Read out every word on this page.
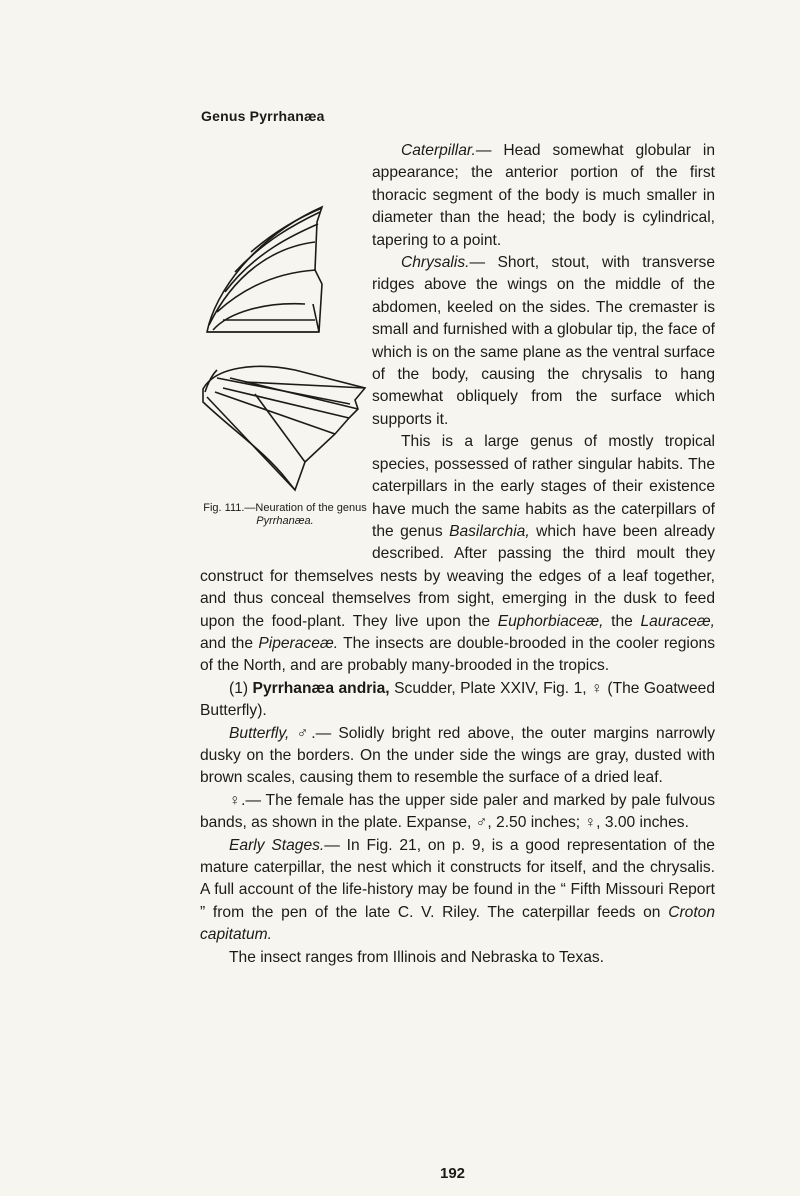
Genus Pyrrhanæa
Fig. 111.—Neuration of the genus Pyrrhanæa.

Caterpillar.— Head somewhat globular in appearance; the anterior portion of the first thoracic segment of the body is much smaller in diameter than the head; the body is cylindrical, tapering to a point.

Chrysalis.— Short, stout, with transverse ridges above the wings on the middle of the abdomen, keeled on the sides. The cremaster is small and furnished with a globular tip, the face of which is on the same plane as the ventral surface of the body, causing the chrysalis to hang somewhat obliquely from the surface which supports it.

This is a large genus of mostly tropical species, possessed of rather singular habits. The caterpillars in the early stages of their existence have much the same habits as the caterpillars of the genus Basilarchia, which have been already described. After passing the third moult they construct for themselves nests by weaving the edges of a leaf together, and thus conceal themselves from sight, emerging in the dusk to feed upon the food-plant. They live upon the Euphorbiaceæ, the Lauraceæ, and the Piperaceæ. The insects are double-brooded in the cooler regions of the North, and are probably many-brooded in the tropics.

(1) Pyrrhanæa andria, Scudder, Plate XXIV, Fig. 1, ♀ (The Goatweed Butterfly).

Butterfly, ♂.— Solidly bright red above, the outer margins narrowly dusky on the borders. On the under side the wings are gray, dusted with brown scales, causing them to resemble the surface of a dried leaf.

♀.— The female has the upper side paler and marked by pale fulvous bands, as shown in the plate. Expanse, ♂, 2.50 inches; ♀, 3.00 inches.

Early Stages.— In Fig. 21, on p. 9, is a good representation of the mature caterpillar, the nest which it constructs for itself, and the chrysalis. A full account of the life-history may be found in the “ Fifth Missouri Report ” from the pen of the late C. V. Riley. The caterpillar feeds on Croton capitatum.

The insect ranges from Illinois and Nebraska to Texas.

192
